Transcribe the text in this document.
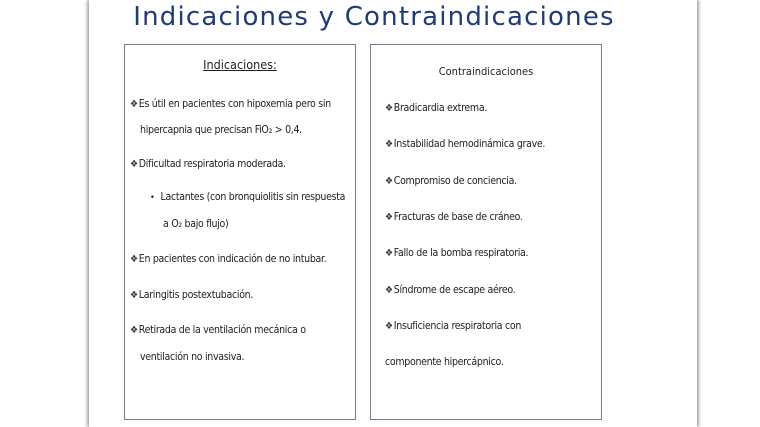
Indicaciones y Contraindicaciones
Indicaciones:
❖Es útil en pacientes con hipoxemia pero sin
hipercapnia que precisan FiO₂ > 0,4.
❖Dificultad respiratoria moderada.
• Lactantes (con bronquiolitis sin respuesta
a O₂ bajo flujo)
❖En pacientes con indicación de no intubar.
❖Laringitis postextubación.
❖Retirada de la ventilación mecánica o
ventilación no invasiva.
Contraindicaciones
❖Bradicardia extrema.
❖Instabilidad hemodinámica grave.
❖Compromiso de conciencia.
❖Fracturas de base de cráneo.
❖Fallo de la bomba respiratoria.
❖Síndrome de escape aéreo.
❖Insuficiencia respiratoria con
componente hipercápnico.
